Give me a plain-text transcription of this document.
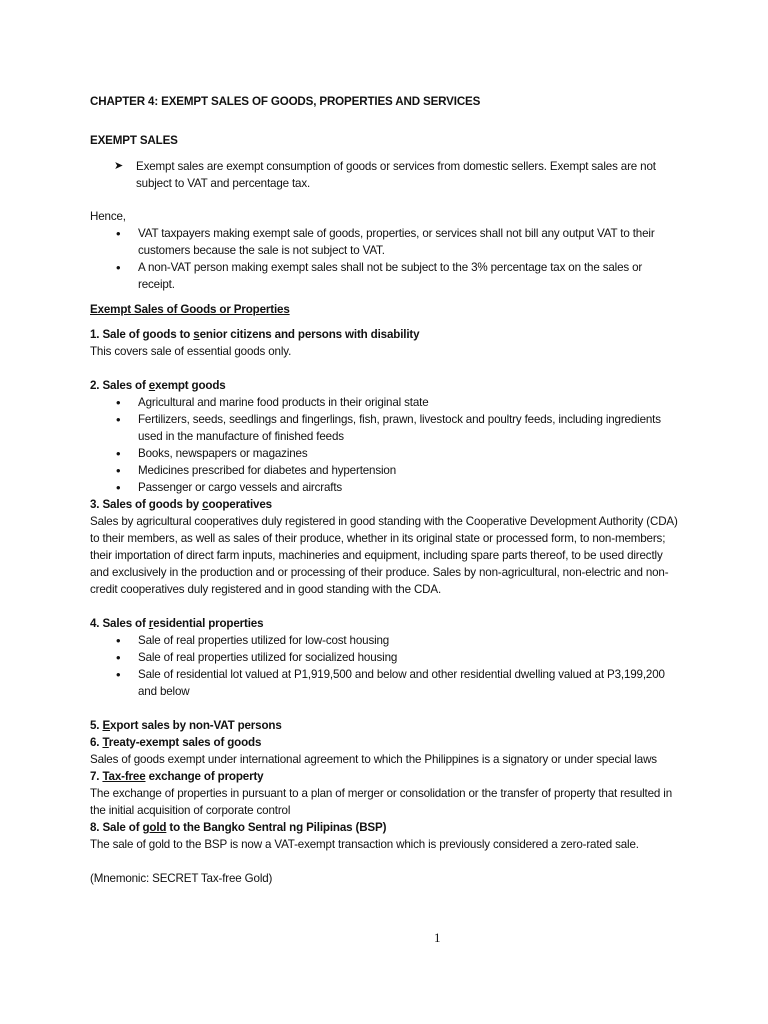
CHAPTER 4: EXEMPT SALES OF GOODS, PROPERTIES AND SERVICES
EXEMPT SALES
➤ Exempt sales are exempt consumption of goods or services from domestic sellers. Exempt sales are not subject to VAT and percentage tax.
Hence,
• VAT taxpayers making exempt sale of goods, properties, or services shall not bill any output VAT to their customers because the sale is not subject to VAT.
• A non-VAT person making exempt sales shall not be subject to the 3% percentage tax on the sales or receipt.
Exempt Sales of Goods or Properties
1. Sale of goods to senior citizens and persons with disability
This covers sale of essential goods only.
2. Sales of exempt goods
• Agricultural and marine food products in their original state
• Fertilizers, seeds, seedlings and fingerlings, fish, prawn, livestock and poultry feeds, including ingredients used in the manufacture of finished feeds
• Books, newspapers or magazines
• Medicines prescribed for diabetes and hypertension
• Passenger or cargo vessels and aircrafts
3. Sales of goods by cooperatives
Sales by agricultural cooperatives duly registered in good standing with the Cooperative Development Authority (CDA) to their members, as well as sales of their produce, whether in its original state or processed form, to non-members; their importation of direct farm inputs, machineries and equipment, including spare parts thereof, to be used directly and exclusively in the production and or processing of their produce. Sales by non-agricultural, non-electric and non-credit cooperatives duly registered and in good standing with the CDA.
4. Sales of residential properties
• Sale of real properties utilized for low-cost housing
• Sale of real properties utilized for socialized housing
• Sale of residential lot valued at P1,919,500 and below and other residential dwelling valued at P3,199,200 and below
5. Export sales by non-VAT persons
6. Treaty-exempt sales of goods
Sales of goods exempt under international agreement to which the Philippines is a signatory or under special laws
7. Tax-free exchange of property
The exchange of properties in pursuant to a plan of merger or consolidation or the transfer of property that resulted in the initial acquisition of corporate control
8. Sale of gold to the Bangko Sentral ng Pilipinas (BSP)
The sale of gold to the BSP is now a VAT-exempt transaction which is previously considered a zero-rated sale.
(Mnemonic: SECRET Tax-free Gold)
1
